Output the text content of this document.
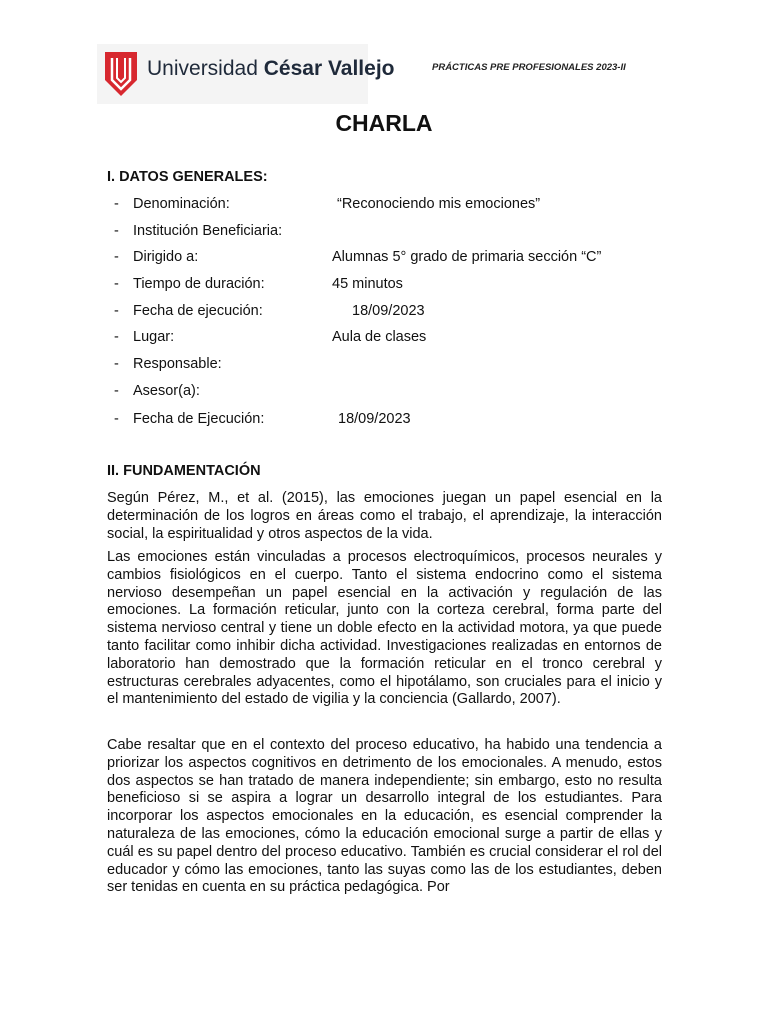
Universidad César Vallejo	PRÁCTICAS PRE PROFESIONALES 2023-II
CHARLA
I. DATOS GENERALES:
- Denominación:	“Reconociendo mis emociones”
- Institución Beneficiaria:
- Dirigido a:	Alumnas 5° grado de primaria sección “C”
- Tiempo de duración:	45 minutos
- Fecha de ejecución:	18/09/2023
- Lugar:	Aula de clases
- Responsable:
- Asesor(a):
- Fecha de Ejecución:	18/09/2023
II. FUNDAMENTACIÓN
Según Pérez, M., et al. (2015), las emociones juegan un papel esencial en la determinación de los logros en áreas como el trabajo, el aprendizaje, la interacción social, la espiritualidad y otros aspectos de la vida.
Las emociones están vinculadas a procesos electroquímicos, procesos neurales y cambios fisiológicos en el cuerpo. Tanto el sistema endocrino como el sistema nervioso desempeñan un papel esencial en la activación y regulación de las emociones. La formación reticular, junto con la corteza cerebral, forma parte del sistema nervioso central y tiene un doble efecto en la actividad motora, ya que puede tanto facilitar como inhibir dicha actividad. Investigaciones realizadas en entornos de laboratorio han demostrado que la formación reticular en el tronco cerebral y estructuras cerebrales adyacentes, como el hipotálamo, son cruciales para el inicio y el mantenimiento del estado de vigilia y la conciencia (Gallardo, 2007).
Cabe resaltar que en el contexto del proceso educativo, ha habido una tendencia a priorizar los aspectos cognitivos en detrimento de los emocionales. A menudo, estos dos aspectos se han tratado de manera independiente; sin embargo, esto no resulta beneficioso si se aspira a lograr un desarrollo integral de los estudiantes. Para incorporar los aspectos emocionales en la educación, es esencial comprender la naturaleza de las emociones, cómo la educación emocional surge a partir de ellas y cuál es su papel dentro del proceso educativo. También es crucial considerar el rol del educador y cómo las emociones, tanto las suyas como las de los estudiantes, deben ser tenidas en cuenta en su práctica pedagógica. Por
